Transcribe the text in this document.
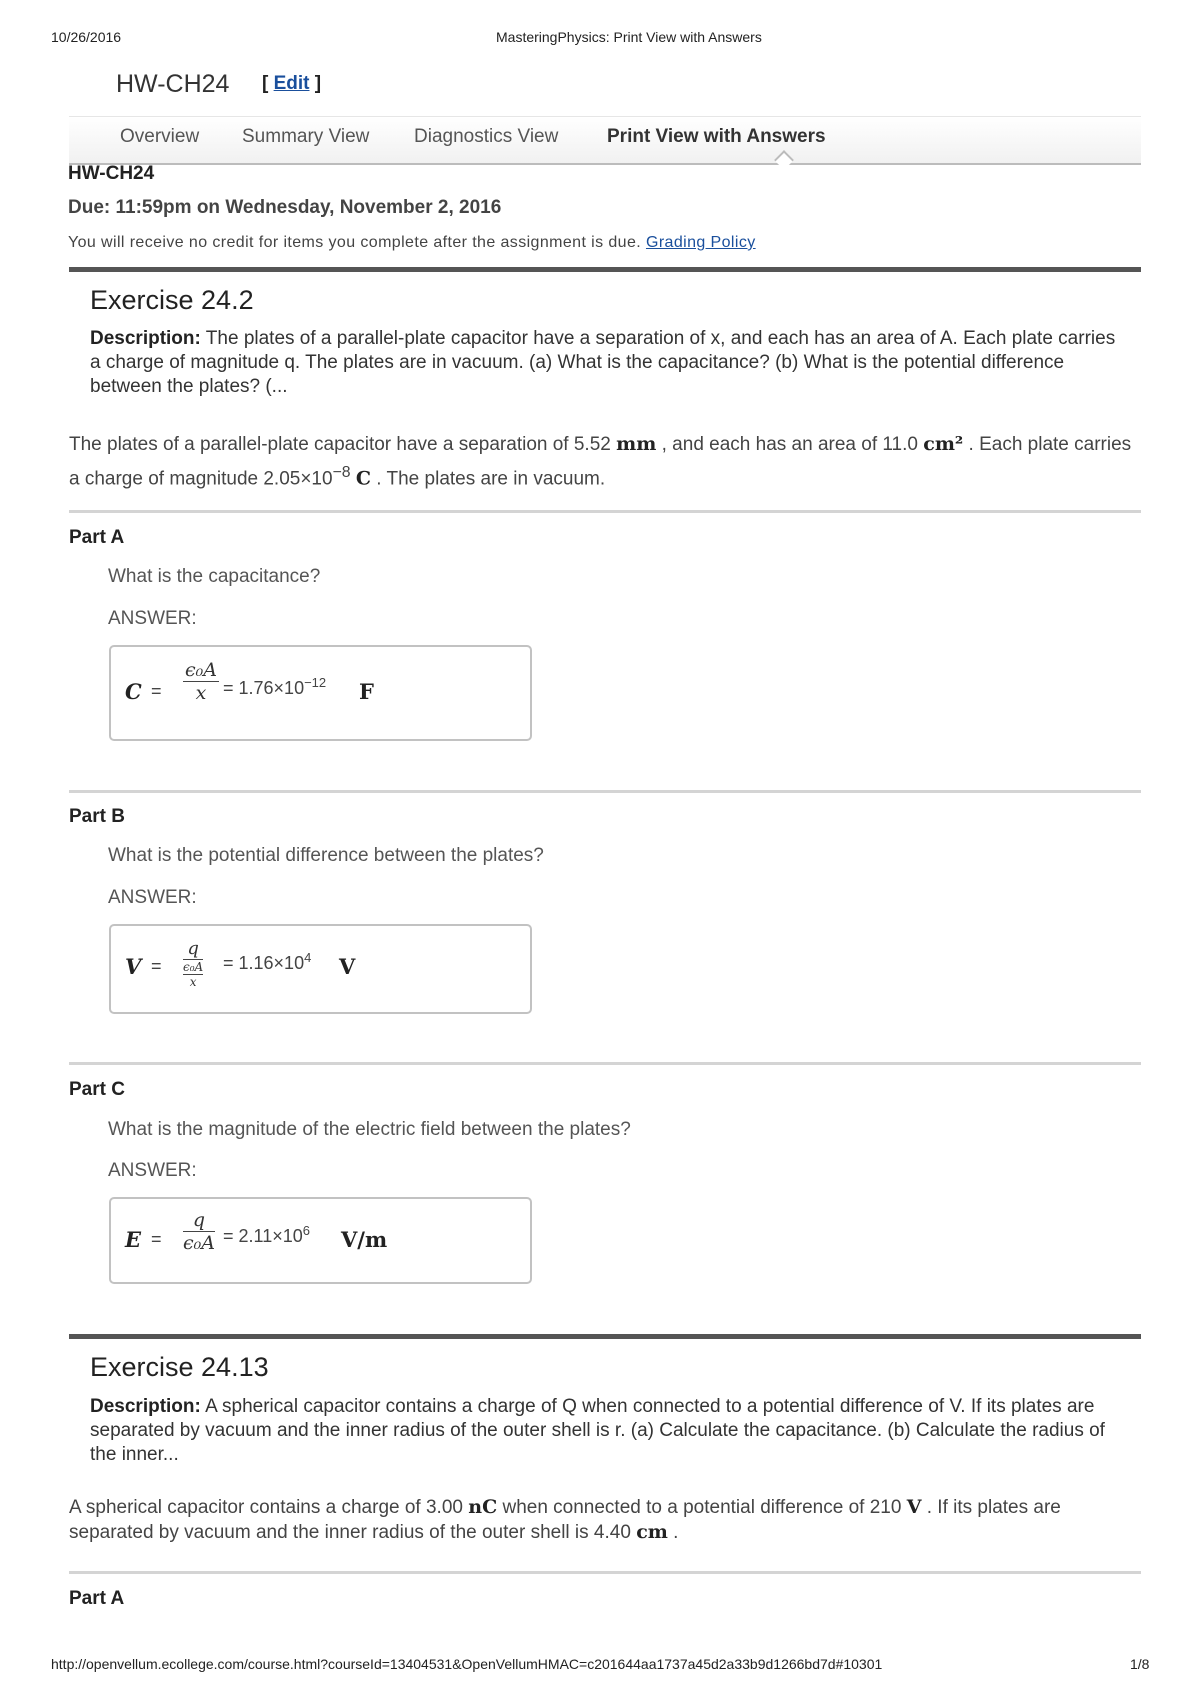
10/26/2016	MasteringPhysics: Print View with Answers
HW-CH24 [ Edit ]
Overview Summary View Diagnostics View	Print View with Answers
HW-CH24
Due: 11:59pm on Wednesday, November 2, 2016
You will receive no credit for items you complete after the assignment is due. Grading Policy
Exercise 24.2
Description: The plates of a parallel-plate capacitor have a separation of x, and each has an area of A. Each plate carries a charge of magnitude q. The plates are in vacuum. (a) What is the capacitance? (b) What is the potential difference between the plates? (...
The plates of a parallel-plate capacitor have a separation of 5.52 mm , and each has an area of 11.0 cm² . Each plate carries a charge of magnitude $2.05\times 10^{-8}$ C . The plates are in vacuum.
Part A
What is the capacitance?
ANSWER:
$C = \frac{\text{ϵ₀A}}{x} = 1.76\times 10^{-12}$ F
Part B
What is the potential difference between the plates?
ANSWER:
V =
q
ϵ₀A
x
= $1.16\times 10^4$ V
Part C
What is the magnitude of the electric field between the plates?
ANSWER:
$E = \frac{q}{\text{ϵ₀A}} = 2.11\times 10^6$ V/m
Exercise 24.13
Description: A spherical capacitor contains a charge of Q when connected to a potential difference of V. If its plates are separated by vacuum and the inner radius of the outer shell is r. (a) Calculate the capacitance. (b) Calculate the radius of the inner...
A spherical capacitor contains a charge of 3.00 nC when connected to a potential difference of 210 V . If its plates are separated by vacuum and the inner radius of the outer shell is 4.40 cm .
Part A
http://openvellum.ecollege.com/course.html?courseId=13404531&OpenVellumHMAC=c201644aa1737a45d2a33b9d1266bd7d#10301	1/8
